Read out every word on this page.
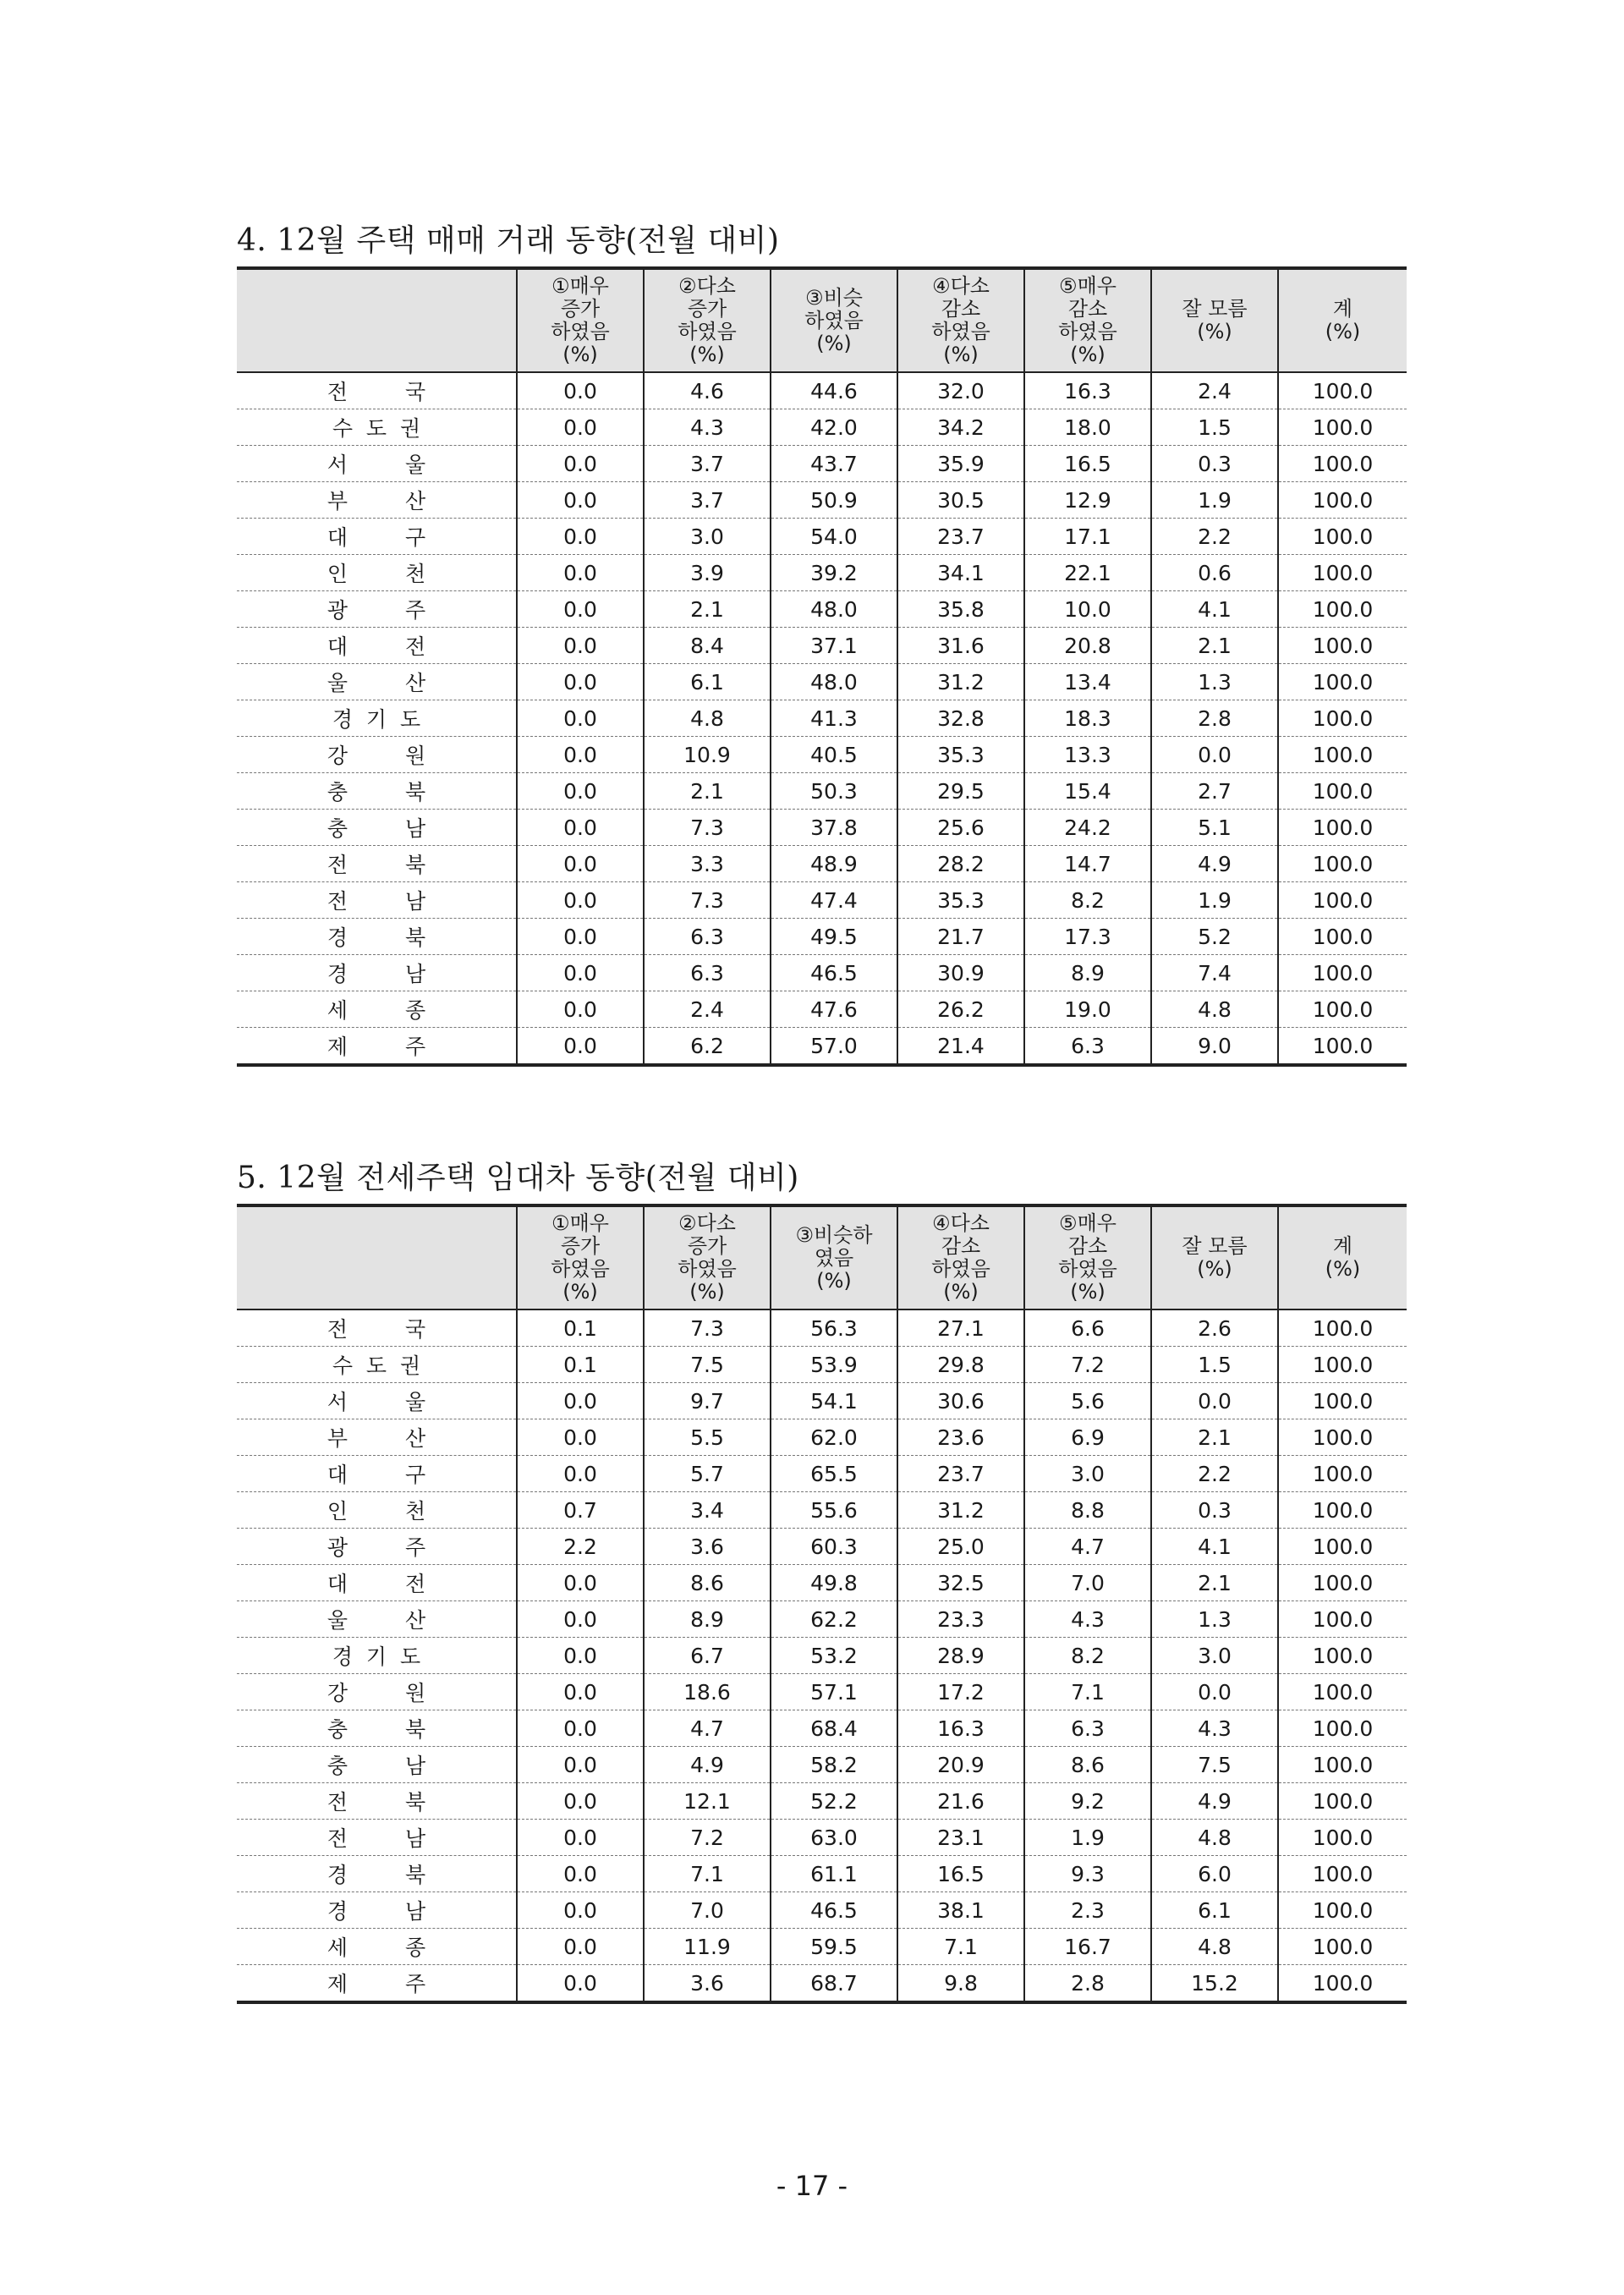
4. 12월 주택 매매 거래 동향(전월 대비)
	①매우
증가
하였음
(%)	②다소
증가
하였음
(%)	③비슷
하였음
(%)	④다소
감소
하였음
(%)	⑤매우
감소
하였음
(%)	잘 모름
(%)	계
(%)
전 국	0.0	4.6	44.6	32.0	16.3	2.4	100.0
수 도 권	0.0	4.3	42.0	34.2	18.0	1.5	100.0
서 울	0.0	3.7	43.7	35.9	16.5	0.3	100.0
부 산	0.0	3.7	50.9	30.5	12.9	1.9	100.0
대 구	0.0	3.0	54.0	23.7	17.1	2.2	100.0
인 천	0.0	3.9	39.2	34.1	22.1	0.6	100.0
광 주	0.0	2.1	48.0	35.8	10.0	4.1	100.0
대 전	0.0	8.4	37.1	31.6	20.8	2.1	100.0
울 산	0.0	6.1	48.0	31.2	13.4	1.3	100.0
경 기 도	0.0	4.8	41.3	32.8	18.3	2.8	100.0
강 원	0.0	10.9	40.5	35.3	13.3	0.0	100.0
충 북	0.0	2.1	50.3	29.5	15.4	2.7	100.0
충 남	0.0	7.3	37.8	25.6	24.2	5.1	100.0
전 북	0.0	3.3	48.9	28.2	14.7	4.9	100.0
전 남	0.0	7.3	47.4	35.3	8.2	1.9	100.0
경 북	0.0	6.3	49.5	21.7	17.3	5.2	100.0
경 남	0.0	6.3	46.5	30.9	8.9	7.4	100.0
세 종	0.0	2.4	47.6	26.2	19.0	4.8	100.0
제 주	0.0	6.2	57.0	21.4	6.3	9.0	100.0
5. 12월 전세주택 임대차 동향(전월 대비)
	①매우
증가
하였음
(%)	②다소
증가
하였음
(%)	③비슷하
였음
(%)	④다소
감소
하였음
(%)	⑤매우
감소
하였음
(%)	잘 모름
(%)	계
(%)
전 국	0.1	7.3	56.3	27.1	6.6	2.6	100.0
수 도 권	0.1	7.5	53.9	29.8	7.2	1.5	100.0
서 울	0.0	9.7	54.1	30.6	5.6	0.0	100.0
부 산	0.0	5.5	62.0	23.6	6.9	2.1	100.0
대 구	0.0	5.7	65.5	23.7	3.0	2.2	100.0
인 천	0.7	3.4	55.6	31.2	8.8	0.3	100.0
광 주	2.2	3.6	60.3	25.0	4.7	4.1	100.0
대 전	0.0	8.6	49.8	32.5	7.0	2.1	100.0
울 산	0.0	8.9	62.2	23.3	4.3	1.3	100.0
경 기 도	0.0	6.7	53.2	28.9	8.2	3.0	100.0
강 원	0.0	18.6	57.1	17.2	7.1	0.0	100.0
충 북	0.0	4.7	68.4	16.3	6.3	4.3	100.0
충 남	0.0	4.9	58.2	20.9	8.6	7.5	100.0
전 북	0.0	12.1	52.2	21.6	9.2	4.9	100.0
전 남	0.0	7.2	63.0	23.1	1.9	4.8	100.0
경 북	0.0	7.1	61.1	16.5	9.3	6.0	100.0
경 남	0.0	7.0	46.5	38.1	2.3	6.1	100.0
세 종	0.0	11.9	59.5	7.1	16.7	4.8	100.0
제 주	0.0	3.6	68.7	9.8	2.8	15.2	100.0
- 17 -
